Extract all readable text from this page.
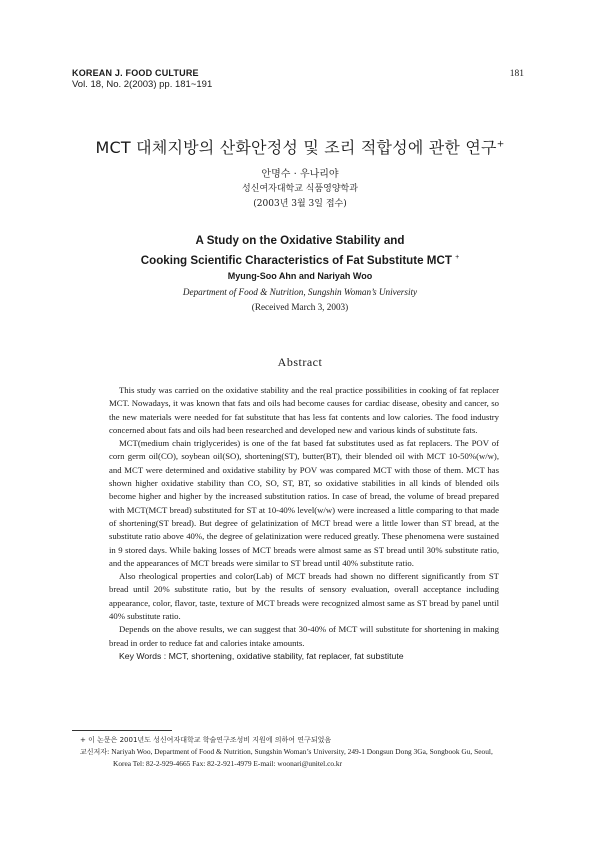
KOREAN J. FOOD CULTURE
Vol. 18, No. 2(2003) pp. 181~191
181
MCT 대체지방의 산화안정성 및 조리 적합성에 관한 연구+
안명수 · 우나리야
성신여자대학교 식품영양학과
(2003년 3월 3일 접수)
A Study on the Oxidative Stability and
Cooking Scientific Characteristics of Fat Substitute MCT +
Myung-Soo Ahn and Nariyah Woo
Department of Food & Nutrition, Sungshin Woman’s University
(Received March 3, 2003)
Abstract

This study was carried on the oxidative stability and the real practice possibilities in cooking of fat replacer MCT. Nowadays, it was known that fats and oils had become causes for cardiac disease, obesity and cancer, so the new materials were needed for fat substitute that has less fat contents and low calories. The food industry concerned about fats and oils had been researched and developed new and various kinds of substitute fats.

MCT(medium chain triglycerides) is one of the fat based fat substitutes used as fat replacers. The POV of corn germ oil(CO), soybean oil(SO), shortening(ST), butter(BT), their blended oil with MCT 10-50%(w/w), and MCT were determined and oxidative stability by POV was compared MCT with those of them. MCT has shown higher oxidative stability than CO, SO, ST, BT, so oxidative stabilities in all kinds of blended oils become higher and higher by the increased substitution ratios. In case of bread, the volume of bread prepared with MCT(MCT bread) substituted for ST at 10-40% level(w/w) were increased a little comparing to that made of shortening(ST bread). But degree of gelatinization of MCT bread were a little lower than ST bread, at the substitute ratio above 40%, the degree of gelatinization were reduced greatly. These phenomena were sustained in 9 stored days. While baking losses of MCT breads were almost same as ST bread until 30% substitute ratio, and the appearances of MCT breads were similar to ST bread until 40% substitute ratio.

Also rheological properties and color(Lab) of MCT breads had shown no different significantly from ST bread until 20% substitute ratio, but by the results of sensory evaluation, overall acceptance including appearance, color, flavor, taste, texture of MCT breads were recognized almost same as ST bread by panel until 40% substitute ratio.

Depends on the above results, we can suggest that 30-40% of MCT will substitute for shortening in making bread in order to reduce fat and calories intake amounts.

Key Words : MCT, shortening, oxidative stability, fat replacer, fat substitute

+ 이 논문은 2001년도 성신여자대학교 학술연구조성비 지원에 의하여 연구되었음
교신저자: Nariyah Woo, Department of Food & Nutrition, Sungshin Woman’s University, 249-1 Dongsun Dong 3Ga, Songbook Gu, Seoul,
Korea Tel: 82-2-929-4665 Fax: 82-2-921-4979 E-mail: woonari@unitel.co.kr
